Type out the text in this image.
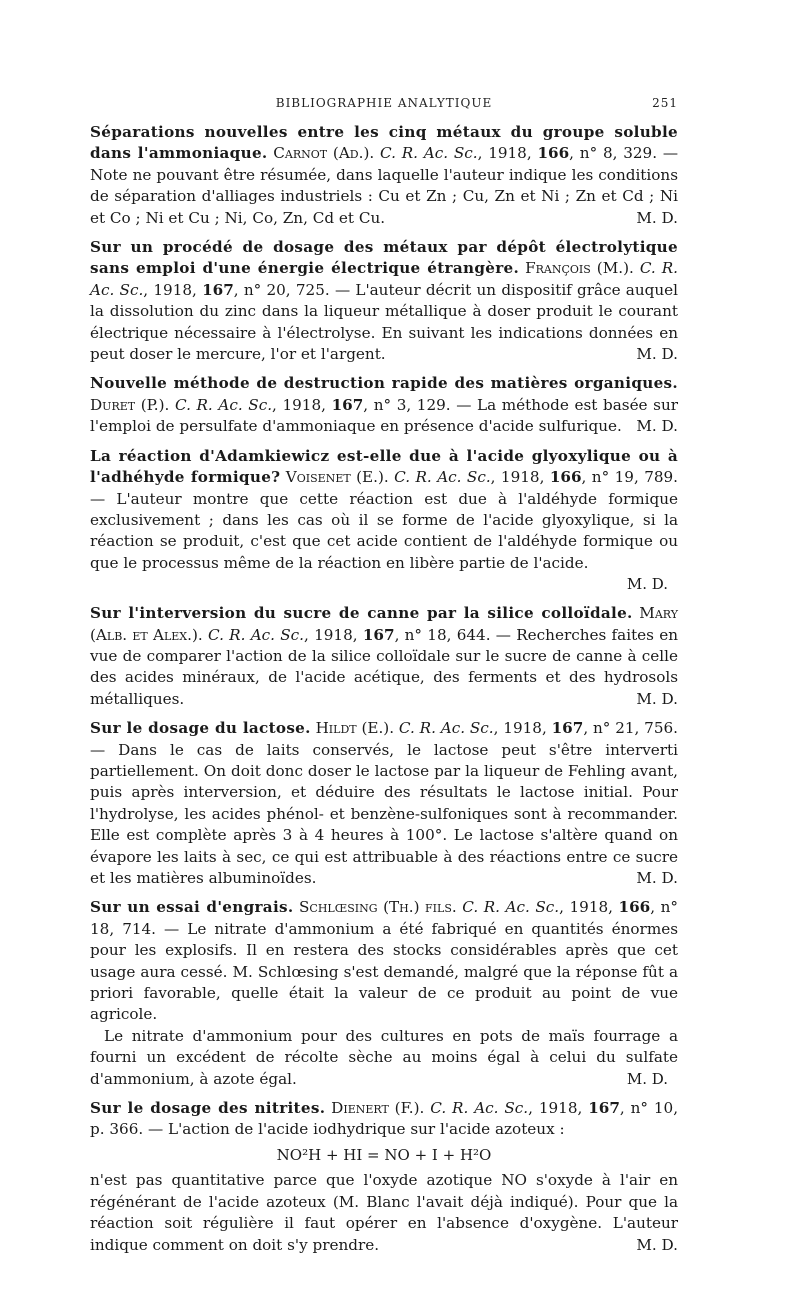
BIBLIOGRAPHIE ANALYTIQUE	251
Séparations nouvelles entre les cinq métaux du groupe soluble dans l'ammoniaque. Carnot (Ad.). C. R. Ac. Sc., 1918, 166, n° 8, 329. — Note ne pouvant être résumée, dans laquelle l'auteur indique les conditions de séparation d'alliages industriels : Cu et Zn ; Cu, Zn et Ni ; Zn et Cd ; Ni et Co ; Ni et Cu ; Ni, Co, Zn, Cd et Cu.	M. D.
Sur un procédé de dosage des métaux par dépôt électrolytique sans emploi d'une énergie électrique étrangère. François (M.). C. R. Ac. Sc., 1918, 167, n° 20, 725. — L'auteur décrit un dispositif grâce auquel la dissolution du zinc dans la liqueur métallique à doser produit le courant électrique nécessaire à l'électrolyse. En suivant les indications données en peut doser le mercure, l'or et l'argent.	M. D.
Nouvelle méthode de destruction rapide des matières organiques. Duret (P.). C. R. Ac. Sc., 1918, 167, n° 3, 129. — La méthode est basée sur l'emploi de persulfate d'ammoniaque en présence d'acide sulfurique. M. D.
La réaction d'Adamkiewicz est-elle due à l'acide glyoxylique ou à l'adhéhyde formique? Voisenet (E.). C. R. Ac. Sc., 1918, 166, n° 19, 789. — L'auteur montre que cette réaction est due à l'aldéhyde formique exclusivement ; dans les cas où il se forme de l'acide glyoxylique, si la réaction se produit, c'est que cet acide contient de l'aldéhyde formique ou que le processus même de la réaction en libère partie de l'acide.
M. D.
Sur l'interversion du sucre de canne par la silice colloïdale. Mary (Alb. et Alex.). C. R. Ac. Sc., 1918, 167, n° 18, 644. — Recherches faites en vue de comparer l'action de la silice colloïdale sur le sucre de canne à celle des acides minéraux, de l'acide acétique, des ferments et des hydrosols métalliques.	M. D.
Sur le dosage du lactose. Hildt (E.). C. R. Ac. Sc., 1918, 167, n° 21, 756. — Dans le cas de laits conservés, le lactose peut s'être interverti partiellement. On doit donc doser le lactose par la liqueur de Fehling avant, puis après interversion, et déduire des résultats le lactose initial. Pour l'hydrolyse, les acides phénol- et benzène-sulfoniques sont à recommander. Elle est complète après 3 à 4 heures à 100°. Le lactose s'altère quand on évapore les laits à sec, ce qui est attribuable à des réactions entre ce sucre et les matières albuminoïdes.	M. D.
Sur un essai d'engrais. Schlœsing (Th.) fils. C. R. Ac. Sc., 1918, 166, n° 18, 714. — Le nitrate d'ammonium a été fabriqué en quantités énormes pour les explosifs. Il en restera des stocks considérables après que cet usage aura cessé. M. Schlœsing s'est demandé, malgré que la réponse fût a priori favorable, quelle était la valeur de ce produit au point de vue agricole.
Le nitrate d'ammonium pour des cultures en pots de maïs fourrage a fourni un excédent de récolte sèche au moins égal à celui du sulfate d'ammonium, à azote égal.	M. D.
Sur le dosage des nitrites. Dienert (F.). C. R. Ac. Sc., 1918, 167, n° 10, p. 366. — L'action de l'acide iodhydrique sur l'acide azoteux :
NO²H + HI = NO + I + H²O
n'est pas quantitative parce que l'oxyde azotique NO s'oxyde à l'air en régénérant de l'acide azoteux (M. Blanc l'avait déjà indiqué). Pour que la réaction soit régulière il faut opérer en l'absence d'oxygène. L'auteur indique comment on doit s'y prendre.	M. D.
